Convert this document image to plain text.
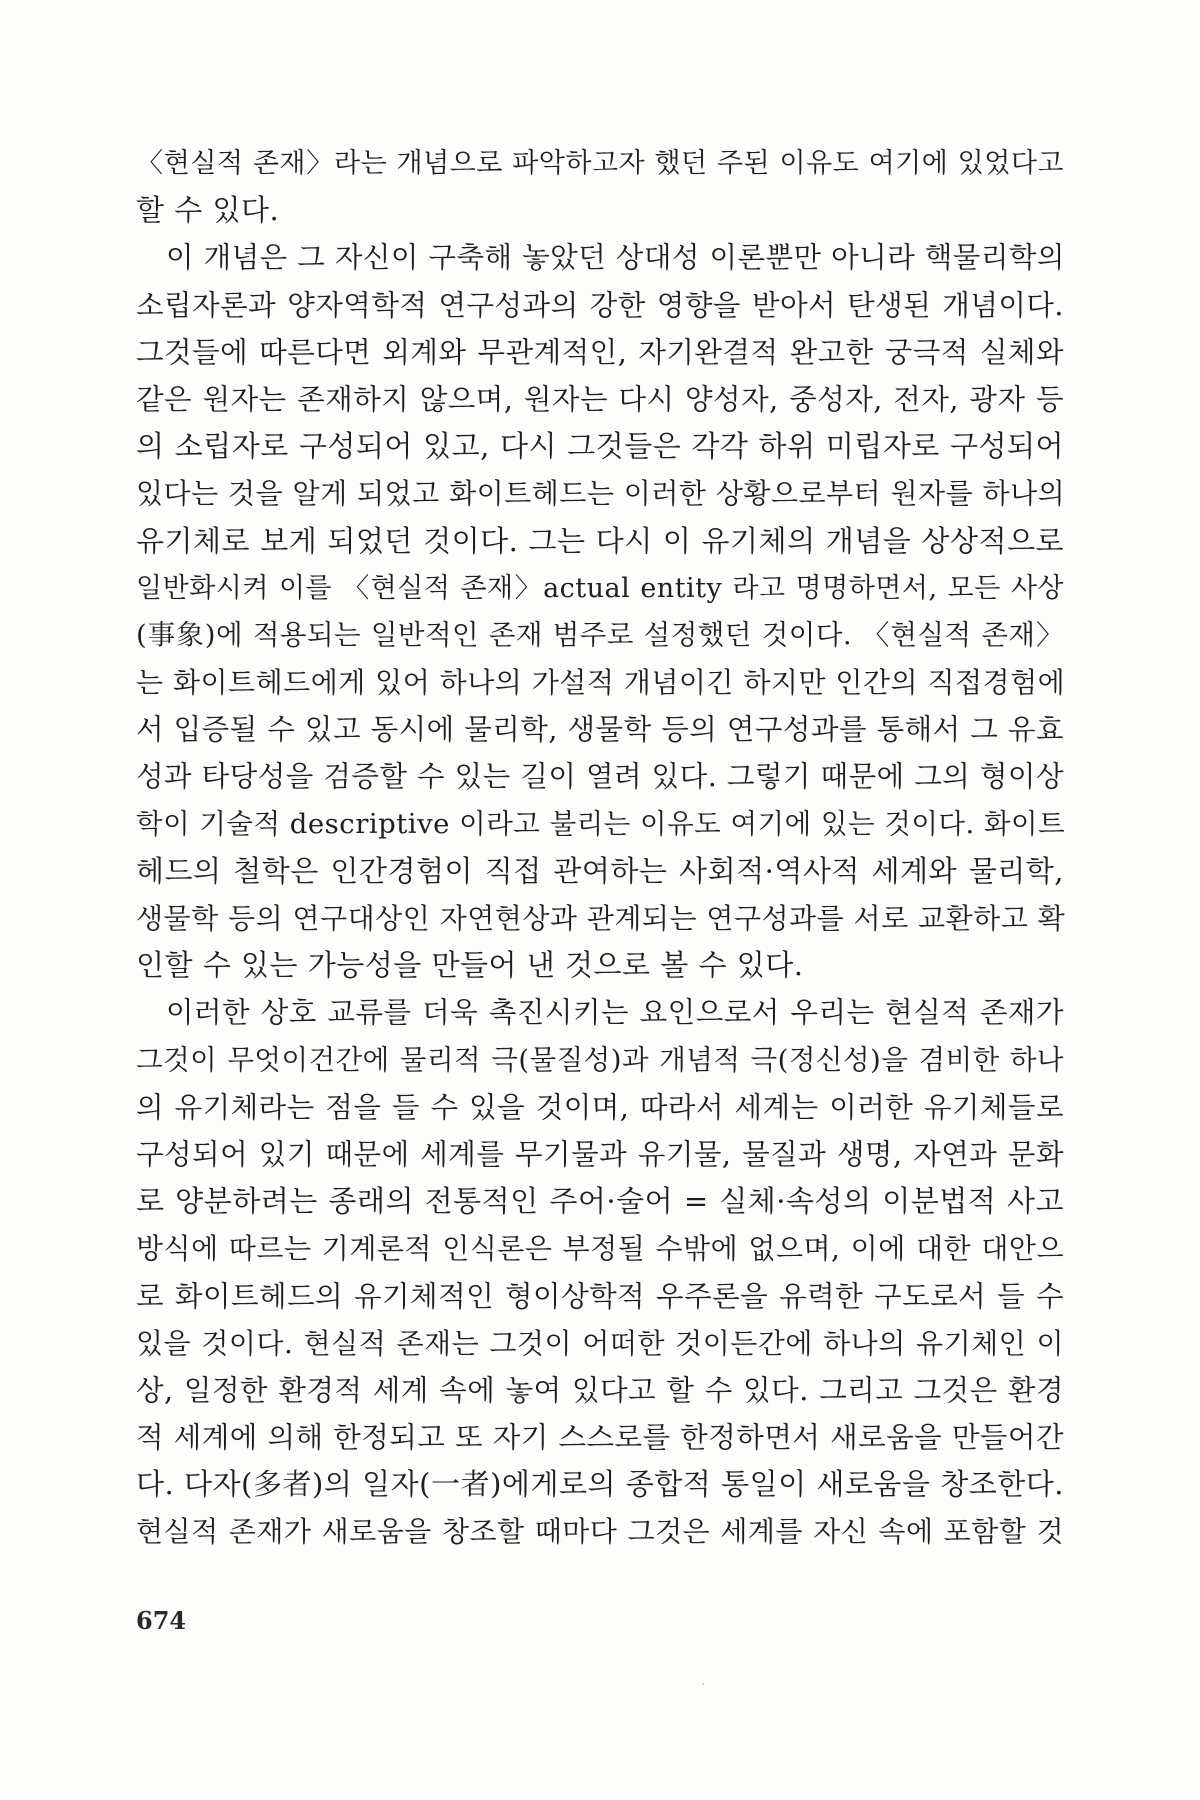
〈현실적 존재〉라는 개념으로 파악하고자 했던 주된 이유도 여기에 있었다고
할 수 있다.
이 개념은 그 자신이 구축해 놓았던 상대성 이론뿐만 아니라 핵물리학의
소립자론과 양자역학적 연구성과의 강한 영향을 받아서 탄생된 개념이다.
그것들에 따른다면 외계와 무관계적인, 자기완결적 완고한 궁극적 실체와
같은 원자는 존재하지 않으며, 원자는 다시 양성자, 중성자, 전자, 광자 등
의 소립자로 구성되어 있고, 다시 그것들은 각각 하위 미립자로 구성되어
있다는 것을 알게 되었고 화이트헤드는 이러한 상황으로부터 원자를 하나의
유기체로 보게 되었던 것이다. 그는 다시 이 유기체의 개념을 상상적으로
일반화시켜 이를 〈현실적 존재〉actual entity 라고 명명하면서, 모든 사상
(事象)에 적용되는 일반적인 존재 범주로 설정했던 것이다. 〈현실적 존재〉
는 화이트헤드에게 있어 하나의 가설적 개념이긴 하지만 인간의 직접경험에
서 입증될 수 있고 동시에 물리학, 생물학 등의 연구성과를 통해서 그 유효
성과 타당성을 검증할 수 있는 길이 열려 있다. 그렇기 때문에 그의 형이상
학이 기술적 descriptive 이라고 불리는 이유도 여기에 있는 것이다. 화이트
헤드의 철학은 인간경험이 직접 관여하는 사회적·역사적 세계와 물리학,
생물학 등의 연구대상인 자연현상과 관계되는 연구성과를 서로 교환하고 확
인할 수 있는 가능성을 만들어 낸 것으로 볼 수 있다.
이러한 상호 교류를 더욱 촉진시키는 요인으로서 우리는 현실적 존재가
그것이 무엇이건간에 물리적 극(물질성)과 개념적 극(정신성)을 겸비한 하나
의 유기체라는 점을 들 수 있을 것이며, 따라서 세계는 이러한 유기체들로
구성되어 있기 때문에 세계를 무기물과 유기물, 물질과 생명, 자연과 문화
로 양분하려는 종래의 전통적인 주어·술어 = 실체·속성의 이분법적 사고
방식에 따르는 기계론적 인식론은 부정될 수밖에 없으며, 이에 대한 대안으
로 화이트헤드의 유기체적인 형이상학적 우주론을 유력한 구도로서 들 수
있을 것이다. 현실적 존재는 그것이 어떠한 것이든간에 하나의 유기체인 이
상, 일정한 환경적 세계 속에 놓여 있다고 할 수 있다. 그리고 그것은 환경
적 세계에 의해 한정되고 또 자기 스스로를 한정하면서 새로움을 만들어간
다. 다자(多者)의 일자(一者)에게로의 종합적 통일이 새로움을 창조한다.
현실적 존재가 새로움을 창조할 때마다 그것은 세계를 자신 속에 포함할 것
674
